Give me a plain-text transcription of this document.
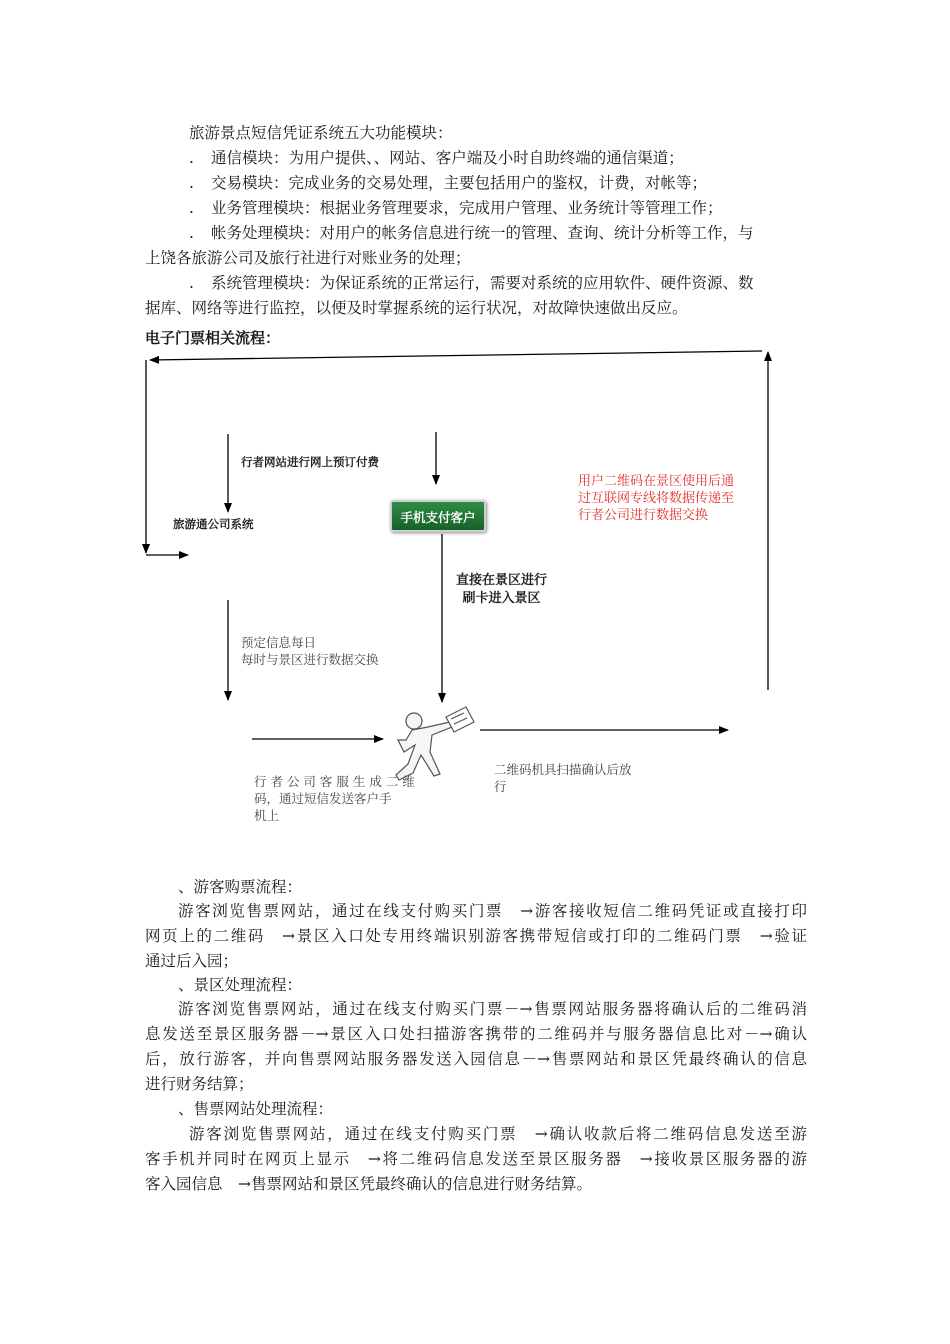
旅游景点短信凭证系统五大功能模块：
. 通信模块：为用户提供、、网站、客户端及小时自助终端的通信渠道；
. 交易模块：完成业务的交易处理，主要包括用户的鉴权，计费，对帐等；
. 业务管理模块：根据业务管理要求，完成用户管理、业务统计等管理工作；
. 帐务处理模块：对用户的帐务信息进行统一的管理、查询、统计分析等工作，与
上饶各旅游公司及旅行社进行对账业务的处理；
. 系统管理模块：为保证系统的正常运行，需要对系统的应用软件、硬件资源、数
据库、网络等进行监控，以便及时掌握系统的运行状况，对故障快速做出反应。
电子门票相关流程：
行者网站进行网上预订付费
旅游通公司系统	手机支付客户
直接在景区进行
刷卡进入景区
用户二维码在景区使用后通
过互联网专线将数据传递至
行者公司进行数据交换
预定信息每日
每时与景区进行数据交换
行 者 公 司 客 服 生 成 二 维
码，通过短信发送客户手
机上
二维码机具扫描确认后放
行
、游客购票流程：
游客浏览售票网站，通过在线支付购买门票　→游客接收短信二维码凭证或直接打印
网页上的二维码　→景区入口处专用终端识别游客携带短信或打印的二维码门票　→验证
通过后入园；
、景区处理流程：
游客浏览售票网站，通过在线支付购买门票－→售票网站服务器将确认后的二维码消
息发送至景区服务器－→景区入口处扫描游客携带的二维码并与服务器信息比对－→确认
后，放行游客，并向售票网站服务器发送入园信息－→售票网站和景区凭最终确认的信息
进行财务结算；
、售票网站处理流程：
游客浏览售票网站，通过在线支付购买门票　→确认收款后将二维码信息发送至游
客手机并同时在网页上显示　→将二维码信息发送至景区服务器　→接收景区服务器的游
客入园信息　→售票网站和景区凭最终确认的信息进行财务结算。
